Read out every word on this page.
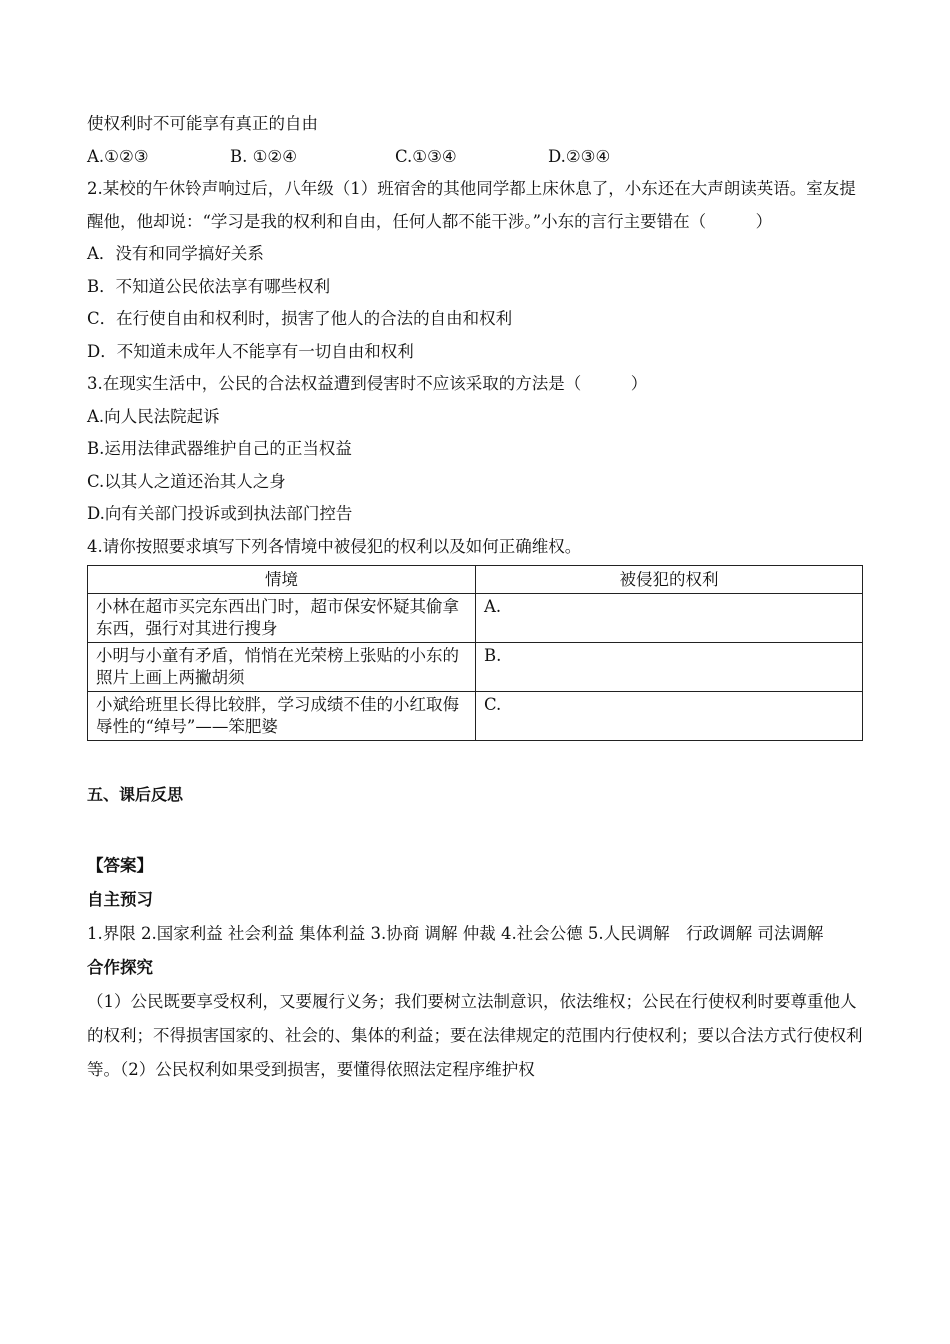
使权利时不可能享有真正的自由
A.①②③	B. ①②④	C.①③④	D.②③④
2.某校的午休铃声响过后，八年级（1）班宿舍的其他同学都上床休息了，小东还在大声朗读英语。室友提醒他，他却说：“学习是我的权利和自由，任何人都不能干涉。”小东的言行主要错在（　　　）
A．没有和同学搞好关系
B．不知道公民依法享有哪些权利
C．在行使自由和权利时，损害了他人的合法的自由和权利
D．不知道未成年人不能享有一切自由和权利
3.在现实生活中，公民的合法权益遭到侵害时不应该采取的方法是（　　　）
A.向人民法院起诉
B.运用法律武器维护自己的正当权益
C.以其人之道还治其人之身
D.向有关部门投诉或到执法部门控告
4.请你按照要求填写下列各情境中被侵犯的权利以及如何正确维权。
情境	被侵犯的权利
小林在超市买完东西出门时，超市保安怀疑其偷拿东西，强行对其进行搜身	A.
小明与小童有矛盾，悄悄在光荣榜上张贴的小东的照片上画上两撇胡须	B.
小斌给班里长得比较胖，学习成绩不佳的小红取侮辱性的“绰号”——笨肥婆	C.
五、课后反思
【答案】
自主预习
1.界限 2.国家利益 社会利益 集体利益 3.协商 调解 仲裁 4.社会公德 5.人民调解　行政调解 司法调解
合作探究
（1）公民既要享受权利，又要履行义务；我们要树立法制意识，依法维权；公民在行使权利时要尊重他人的权利；不得损害国家的、社会的、集体的利益；要在法律规定的范围内行使权利；要以合法方式行使权利等。（2）公民权利如果受到损害，要懂得依照法定程序维护权
